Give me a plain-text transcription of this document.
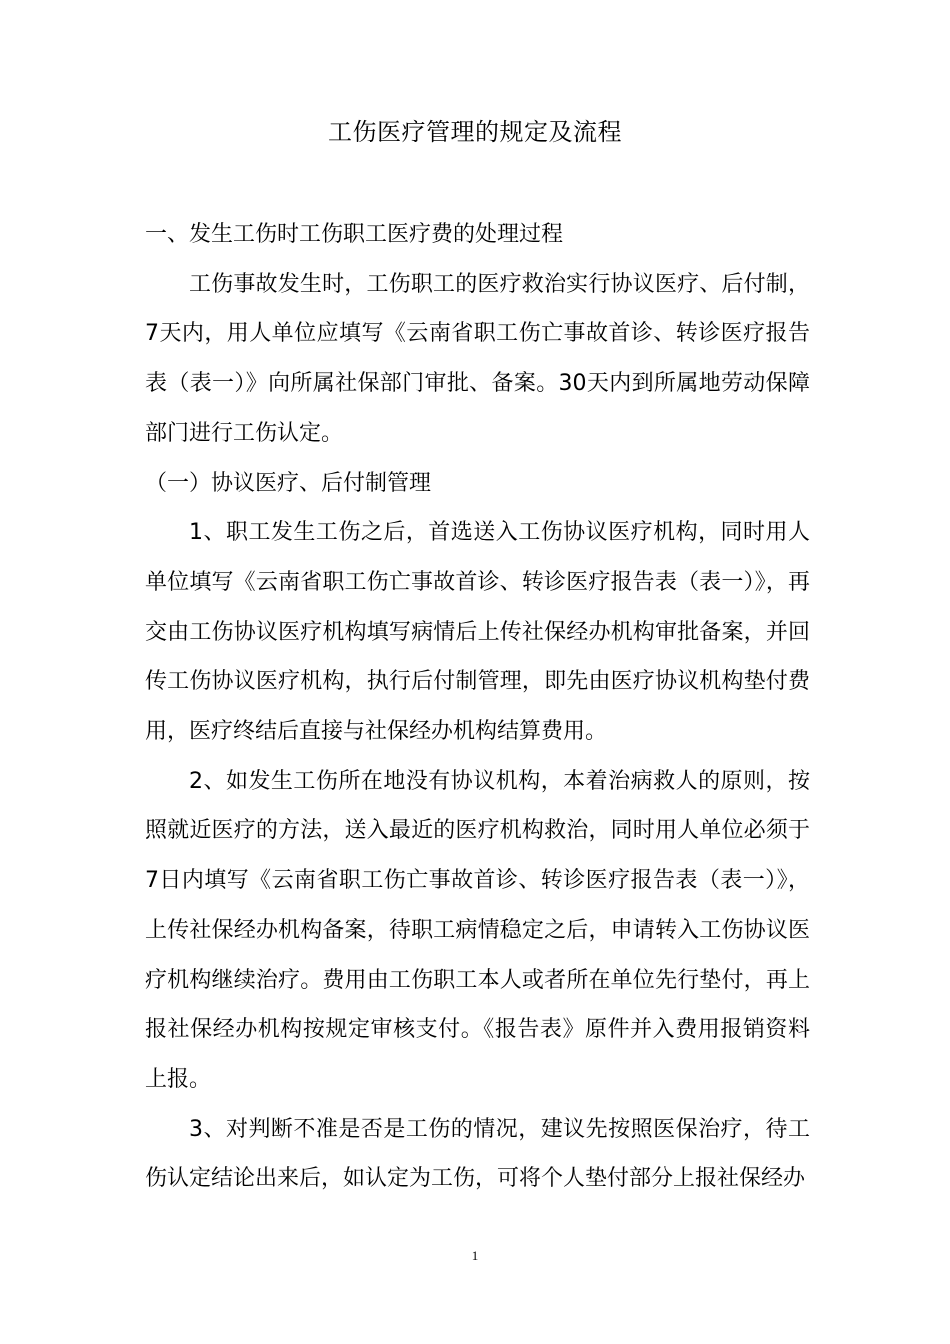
工伤医疗管理的规定及流程

一、发生工伤时工伤职工医疗费的处理过程

工伤事故发生时，工伤职工的医疗救治实行协议医疗、后付制，7天内，用人单位应填写《云南省职工伤亡事故首诊、转诊医疗报告表（表一）》向所属社保部门审批、备案。30天内到所属地劳动保障部门进行工伤认定。

（一）协议医疗、后付制管理

1、职工发生工伤之后，首选送入工伤协议医疗机构，同时用人单位填写《云南省职工伤亡事故首诊、转诊医疗报告表（表一）》，再交由工伤协议医疗机构填写病情后上传社保经办机构审批备案，并回传工伤协议医疗机构，执行后付制管理，即先由医疗协议机构垫付费用，医疗终结后直接与社保经办机构结算费用。

2、如发生工伤所在地没有协议机构，本着治病救人的原则，按照就近医疗的方法，送入最近的医疗机构救治，同时用人单位必须于7日内填写《云南省职工伤亡事故首诊、转诊医疗报告表（表一）》，上传社保经办机构备案，待职工病情稳定之后，申请转入工伤协议医疗机构继续治疗。费用由工伤职工本人或者所在单位先行垫付，再上报社保经办机构按规定审核支付。《报告表》原件并入费用报销资料上报。

3、对判断不准是否是工伤的情况，建议先按照医保治疗，待工伤认定结论出来后，如认定为工伤，可将个人垫付部分上报社保经办

1
